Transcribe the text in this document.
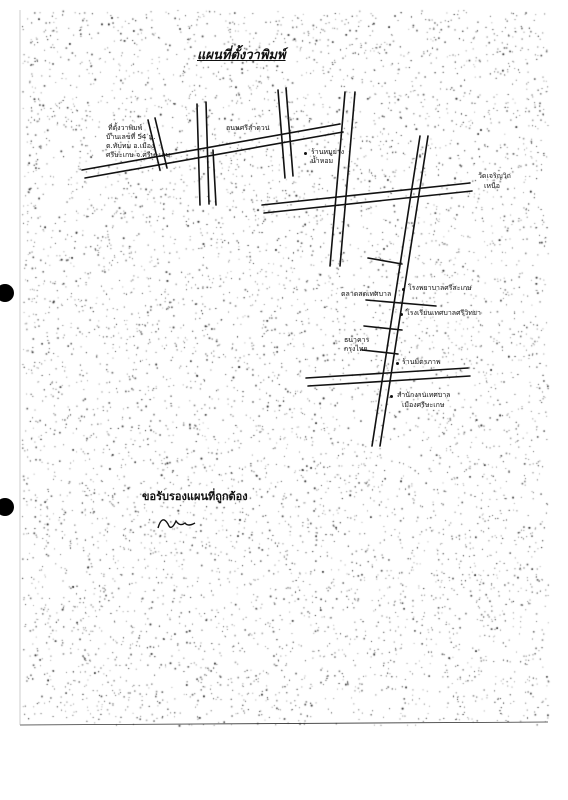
แผนที่ตั้งวาพิมพ์
ที่ตั้งวาพิมพ์
บ้านเลขที่ 54 ม.
ต.ทับทม อ.เมือง
ศรีษะเกษ จ.ศรีษะเกษ
ถนนศรีลำดวน
ร้านหมูย่าง
น้ำหอม
วัดเจริญวิถ
เหนือ
ตลาดสดเทศบาล
โรงพยาบาลศรีสะเกษ
โรงเรียนเทศบาลศรีวิทยา
ธนาคาร
กรุงไทย
ร้านมิตรภาพ
สำนักงานเทศบาล
เมืองศรีษะเกษ
ขอรับรองแผนที่ถูกต้อง
